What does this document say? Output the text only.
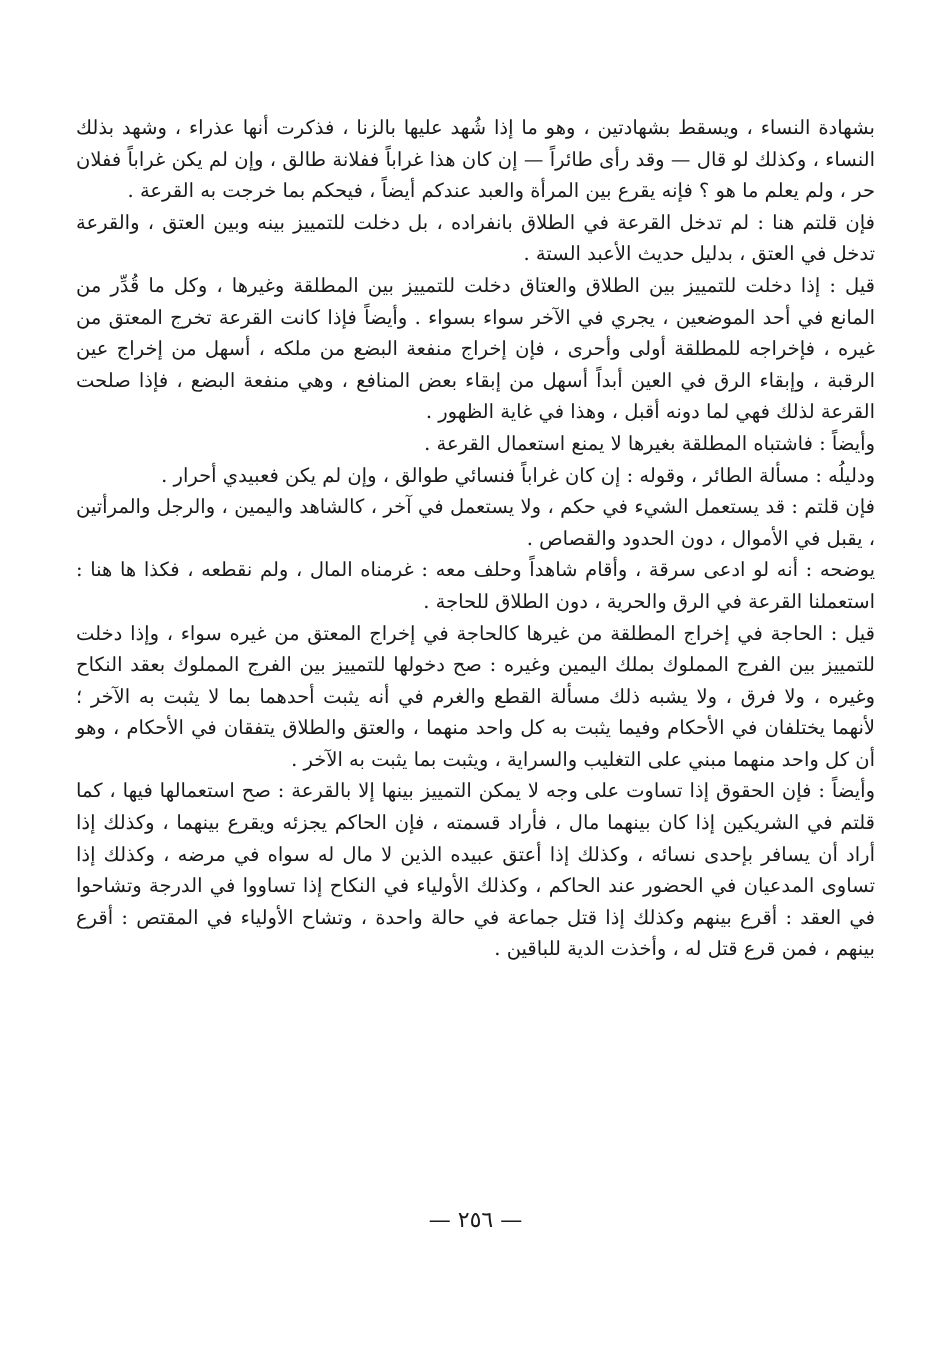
بشهادة النساء ، ويسقط بشهادتين ، وهو ما إذا شُهد عليها بالزنا ، فذكرت أنها عذراء ، وشهد بذلك النساء ، وكذلك لو قال — وقد رأى طائراً — إن كان هذا غراباً ففلانة طالق ، وإن لم يكن غراباً ففلان حر ، ولم يعلم ما هو ؟ فإنه يقرع بين المرأة والعبد عندكم أيضاً ، فيحكم بما خرجت به القرعة .

فإن قلتم هنا : لم تدخل القرعة في الطلاق بانفراده ، بل دخلت للتمييز بينه وبين العتق ، والقرعة تدخل في العتق ، بدليل حديث الأعبد الستة .

قيل : إذا دخلت للتمييز بين الطلاق والعتاق دخلت للتمييز بين المطلقة وغيرها ، وكل ما قُدِّر من المانع في أحد الموضعين ، يجري في الآخر سواء بسواء . وأيضاً فإذا كانت القرعة تخرج المعتق من غيره ، فإخراجه للمطلقة أولى وأحرى ، فإن إخراج منفعة البضع من ملكه ، أسهل من إخراج عين الرقبة ، وإبقاء الرق في العين أبداً أسهل من إبقاء بعض المنافع ، وهي منفعة البضع ، فإذا صلحت القرعة لذلك فهي لما دونه أقبل ، وهذا في غاية الظهور .

وأيضاً : فاشتباه المطلقة بغيرها لا يمنع استعمال القرعة .

ودليلُه : مسألة الطائر ، وقوله : إن كان غراباً فنسائي طوالق ، وإن لم يكن فعبيدي أحرار .

فإن قلتم : قد يستعمل الشيء في حكم ، ولا يستعمل في آخر ، كالشاهد واليمين ، والرجل والمرأتين ، يقبل في الأموال ، دون الحدود والقصاص .

يوضحه : أنه لو ادعى سرقة ، وأقام شاهداً وحلف معه : غرمناه المال ، ولم نقطعه ، فكذا ها هنا : استعملنا القرعة في الرق والحرية ، دون الطلاق للحاجة .

قيل : الحاجة في إخراج المطلقة من غيرها كالحاجة في إخراج المعتق من غيره سواء ، وإذا دخلت للتمييز بين الفرج المملوك بملك اليمين وغيره : صح دخولها للتمييز بين الفرج المملوك بعقد النكاح وغيره ، ولا فرق ، ولا يشبه ذلك مسألة القطع والغرم في أنه يثبت أحدهما بما لا يثبت به الآخر ؛ لأنهما يختلفان في الأحكام وفيما يثبت به كل واحد منهما ، والعتق والطلاق يتفقان في الأحكام ، وهو أن كل واحد منهما مبني على التغليب والسراية ، ويثبت بما يثبت به الآخر .

وأيضاً : فإن الحقوق إذا تساوت على وجه لا يمكن التمييز بينها إلا بالقرعة : صح استعمالها فيها ، كما قلتم في الشريكين إذا كان بينهما مال ، فأراد قسمته ، فإن الحاكم يجزئه ويقرع بينهما ، وكذلك إذا أراد أن يسافر بإحدى نسائه ، وكذلك إذا أعتق عبيده الذين لا مال له سواه في مرضه ، وكذلك إذا تساوى المدعيان في الحضور عند الحاكم ، وكذلك الأولياء في النكاح إذا تساووا في الدرجة وتشاحوا في العقد : أقرع بينهم وكذلك إذا قتل جماعة في حالة واحدة ، وتشاح الأولياء في المقتص : أقرع بينهم ، فمن قرع قتل له ، وأخذت الدية للباقين .

— ٢٥٦ —
